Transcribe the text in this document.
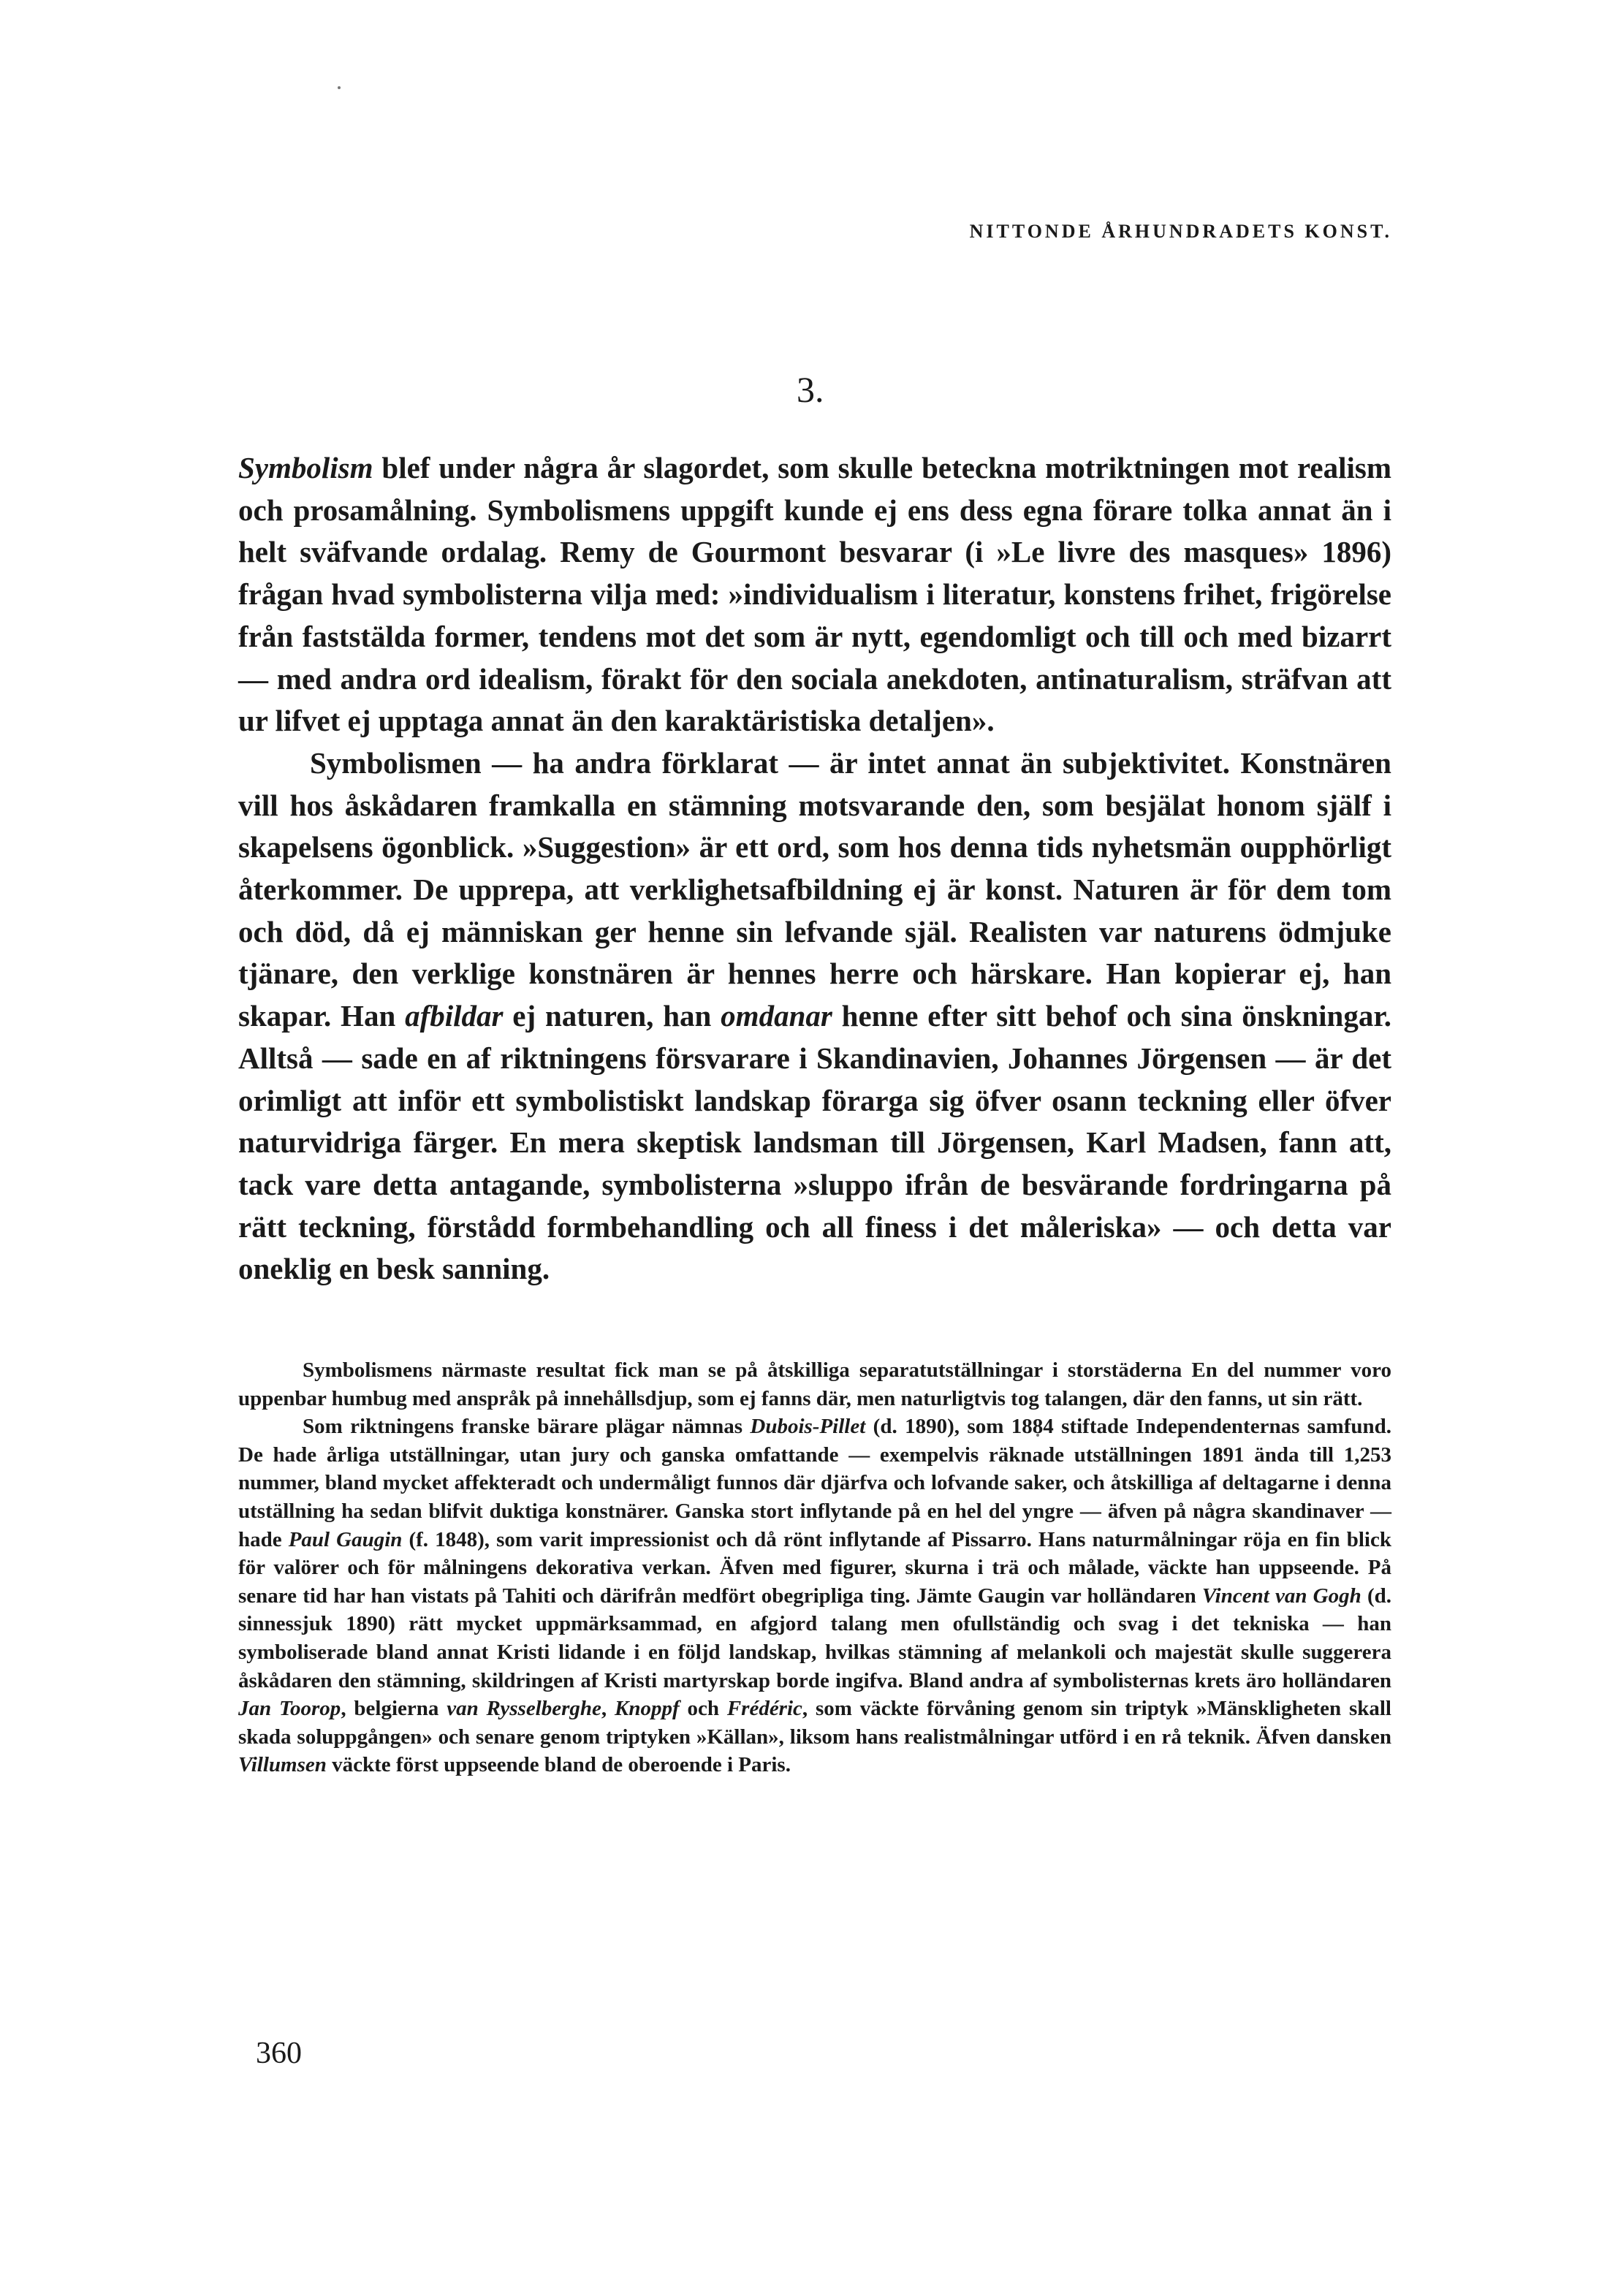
NITTONDE ÅRHUNDRADETS KONST.
3.

Symbolism blef under några år slagordet, som skulle beteckna motriktningen mot realism och prosamålning. Symbolismens uppgift kunde ej ens dess egna förare tolka annat än i helt sväfvande ordalag. Remy de Gourmont besvarar (i »Le livre des masques» 1896) frågan hvad symbolisterna vilja med: »individualism i literatur, konstens frihet, frigörelse från faststälda former, tendens mot det som är nytt, egendomligt och till och med bizarrt — med andra ord idealism, förakt för den sociala anekdoten, antinaturalism, sträfvan att ur lifvet ej upptaga annat än den karaktäristiska detaljen».

Symbolismen — ha andra förklarat — är intet annat än subjektivitet. Konstnären vill hos åskådaren framkalla en stämning motsvarande den, som besjälat honom själf i skapelsens ögonblick. »Suggestion» är ett ord, som hos denna tids nyhetsmän oupphörligt återkommer. De upprepa, att verklighetsafbildning ej är konst. Naturen är för dem tom och död, då ej människan ger henne sin lefvande själ. Realisten var naturens ödmjuke tjänare, den verklige konstnären är hennes herre och härskare. Han kopierar ej, han skapar. Han afbildar ej naturen, han omdanar henne efter sitt behof och sina önskningar. Alltså — sade en af riktningens försvarare i Skandinavien, Johannes Jörgensen — är det orimligt att inför ett symbolistiskt landskap förarga sig öfver osann teckning eller öfver naturvidriga färger. En mera skeptisk landsman till Jörgensen, Karl Madsen, fann att, tack vare detta antagande, symbolisterna »sluppo ifrån de besvärande fordringarna på rätt teckning, förstådd formbehandling och all finess i det måleriska» — och detta var oneklig en besk sanning.

Symbolismens närmaste resultat fick man se på åtskilliga separatutställningar i storstäderna En del nummer voro uppenbar humbug med anspråk på innehållsdjup, som ej fanns där, men naturligtvis tog talangen, där den fanns, ut sin rätt.

Som riktningens franske bärare plägar nämnas Dubois-Pillet (d. 1890), som 1884 stiftade Independenternas samfund. De hade årliga utställningar, utan jury och ganska omfattande — exempelvis räknade utställningen 1891 ända till 1,253 nummer, bland mycket affekteradt och undermåligt funnos där djärfva och lofvande saker, och åtskilliga af deltagarne i denna utställning ha sedan blifvit duktiga konstnärer. Ganska stort inflytande på en hel del yngre — äfven på några skandinaver — hade Paul Gaugin (f. 1848), som varit impressionist och då rönt inflytande af Pissarro. Hans naturmålningar röja en fin blick för valörer och för målningens dekorativa verkan. Äfven med figurer, skurna i trä och målade, väckte han uppseende. På senare tid har han vistats på Tahiti och därifrån medfört obegripliga ting. Jämte Gaugin var holländaren Vincent van Gogh (d. sinnessjuk 1890) rätt mycket uppmärksammad, en afgjord talang men ofullständig och svag i det tekniska — han symboliserade bland annat Kristi lidande i en följd landskap, hvilkas stämning af melankoli och majestät skulle suggerera åskådaren den stämning, skildringen af Kristi martyrskap borde ingifva. Bland andra af symbolisternas krets äro holländaren Jan Toorop, belgierna van Rysselberghe, Knoppf och Frédéric, som väckte förvåning genom sin triptyk »Mänskligheten skall skada soluppgången» och senare genom triptyken »Källan», liksom hans realistmålningar utförd i en rå teknik. Äfven dansken Villumsen väckte först uppseende bland de oberoende i Paris.

360
